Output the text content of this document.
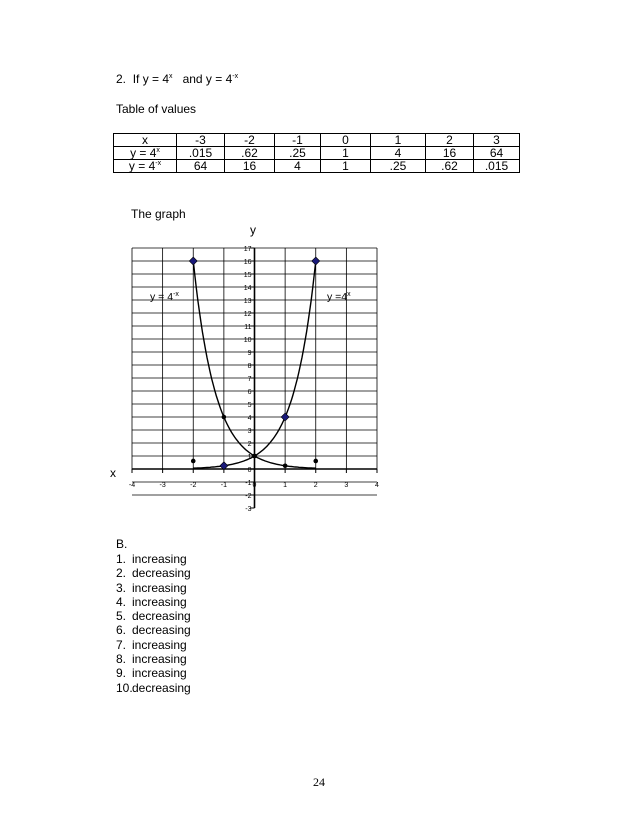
2. If $y = 4^x$ and $y = 4^{-x}$
Table of values
x	-3	-2	-1	0	1	2	3
$y = 4^x$	.015	.62	.25	1	4	16	64
$y = 4^{-x}$	64	16	4	1	.25	.62	.015
The graph
y
x
-3
-2
-1
0
1
2
3
4
5
6
7
8
9
10
11
12
13
14
15
16
17
-4	-3	-2	-1	0	1	2	3	4
$y =4^x$
$y = 4^{-x}$
B.
1. increasing
2. decreasing
3. increasing
4. increasing
5. decreasing
6. decreasing
7. increasing
8. increasing
9. increasing
10.decreasing
24
